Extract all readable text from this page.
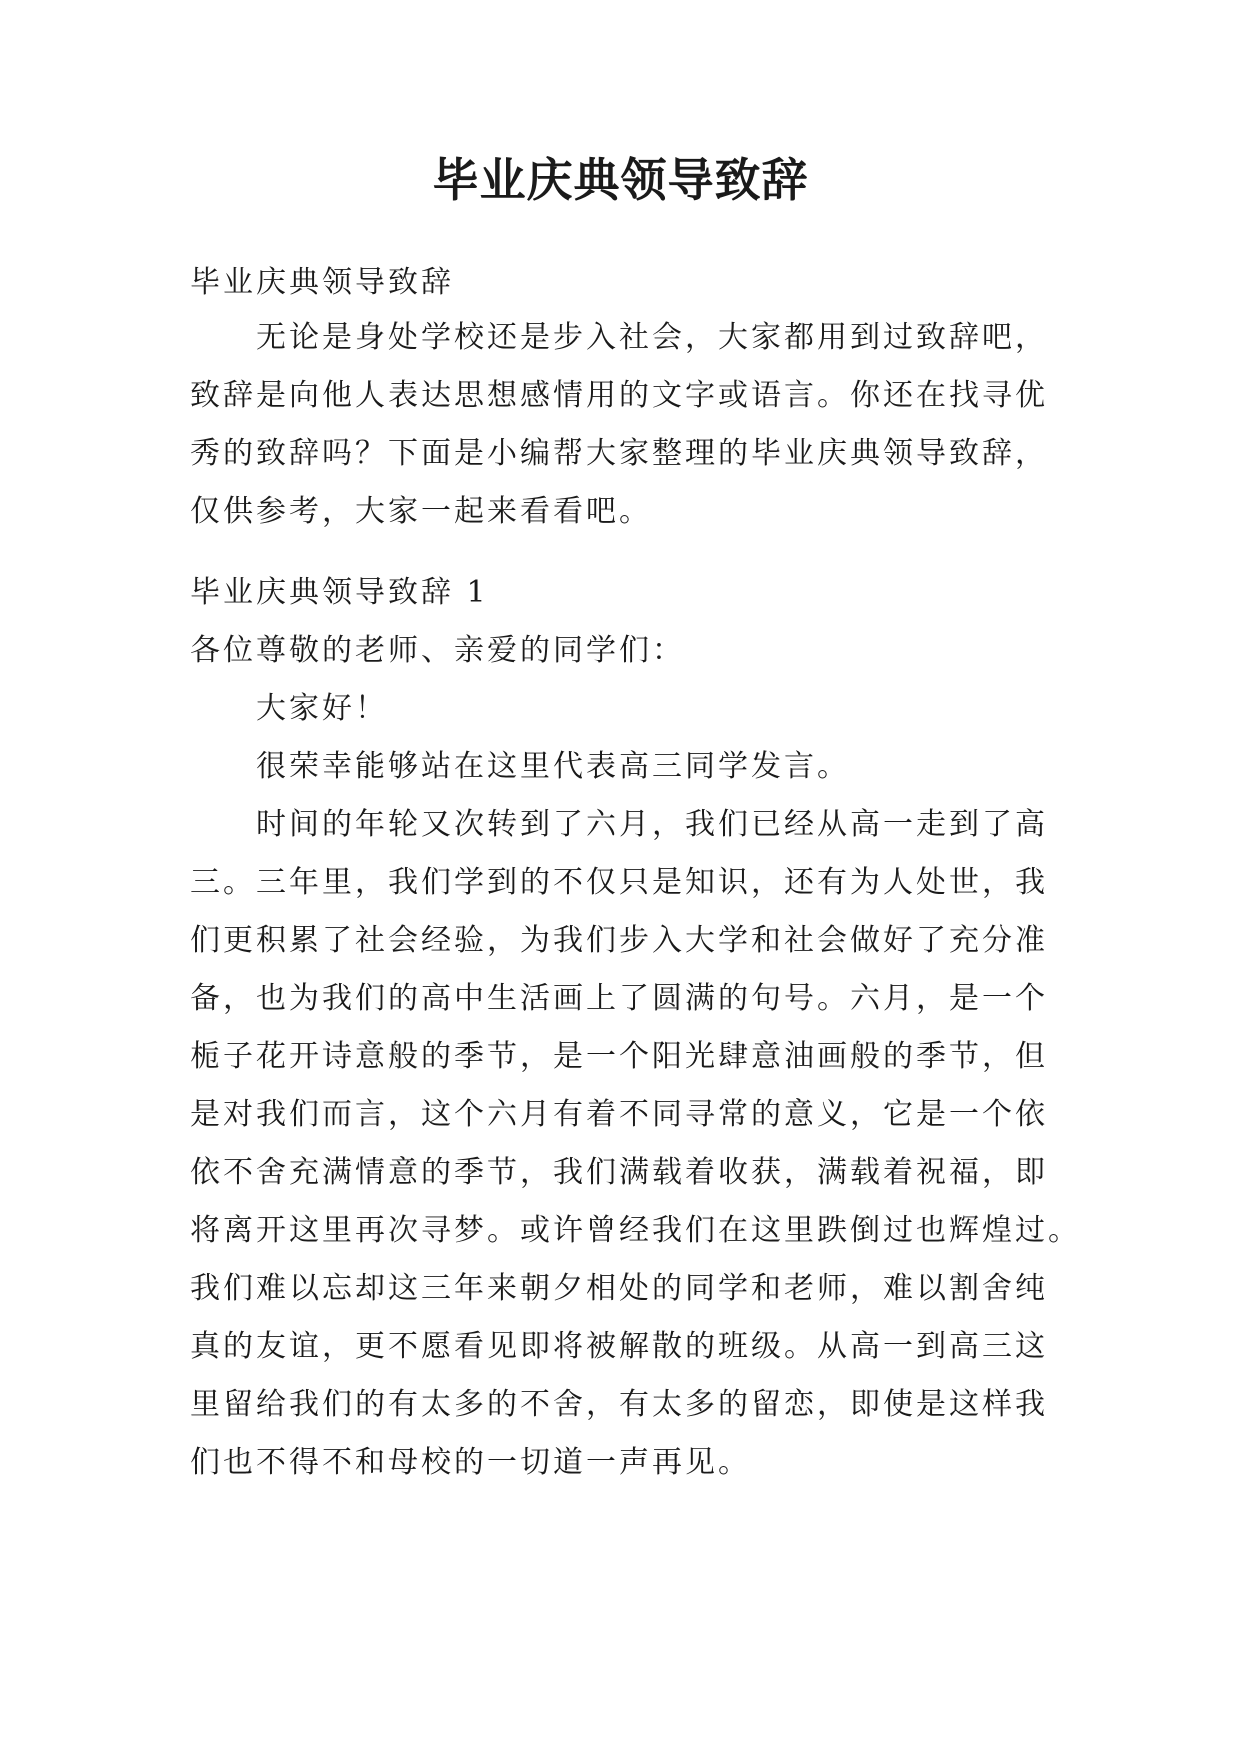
毕业庆典领导致辞
毕业庆典领导致辞
无论是身处学校还是步入社会，大家都用到过致辞吧，
致辞是向他人表达思想感情用的文字或语言。你还在找寻优
秀的致辞吗？下面是小编帮大家整理的毕业庆典领导致辞，
仅供参考，大家一起来看看吧。
毕业庆典领导致辞 1
各位尊敬的老师、亲爱的同学们：
大家好！
很荣幸能够站在这里代表高三同学发言。
时间的年轮又次转到了六月，我们已经从高一走到了高
三。三年里，我们学到的不仅只是知识，还有为人处世，我
们更积累了社会经验，为我们步入大学和社会做好了充分准
备，也为我们的高中生活画上了圆满的句号。六月，是一个
栀子花开诗意般的季节，是一个阳光肆意油画般的季节，但
是对我们而言，这个六月有着不同寻常的意义，它是一个依
依不舍充满情意的季节，我们满载着收获，满载着祝福，即
将离开这里再次寻梦。或许曾经我们在这里跌倒过也辉煌过。
我们难以忘却这三年来朝夕相处的同学和老师，难以割舍纯
真的友谊，更不愿看见即将被解散的班级。从高一到高三这
里留给我们的有太多的不舍，有太多的留恋，即使是这样我
们也不得不和母校的一切道一声再见。
